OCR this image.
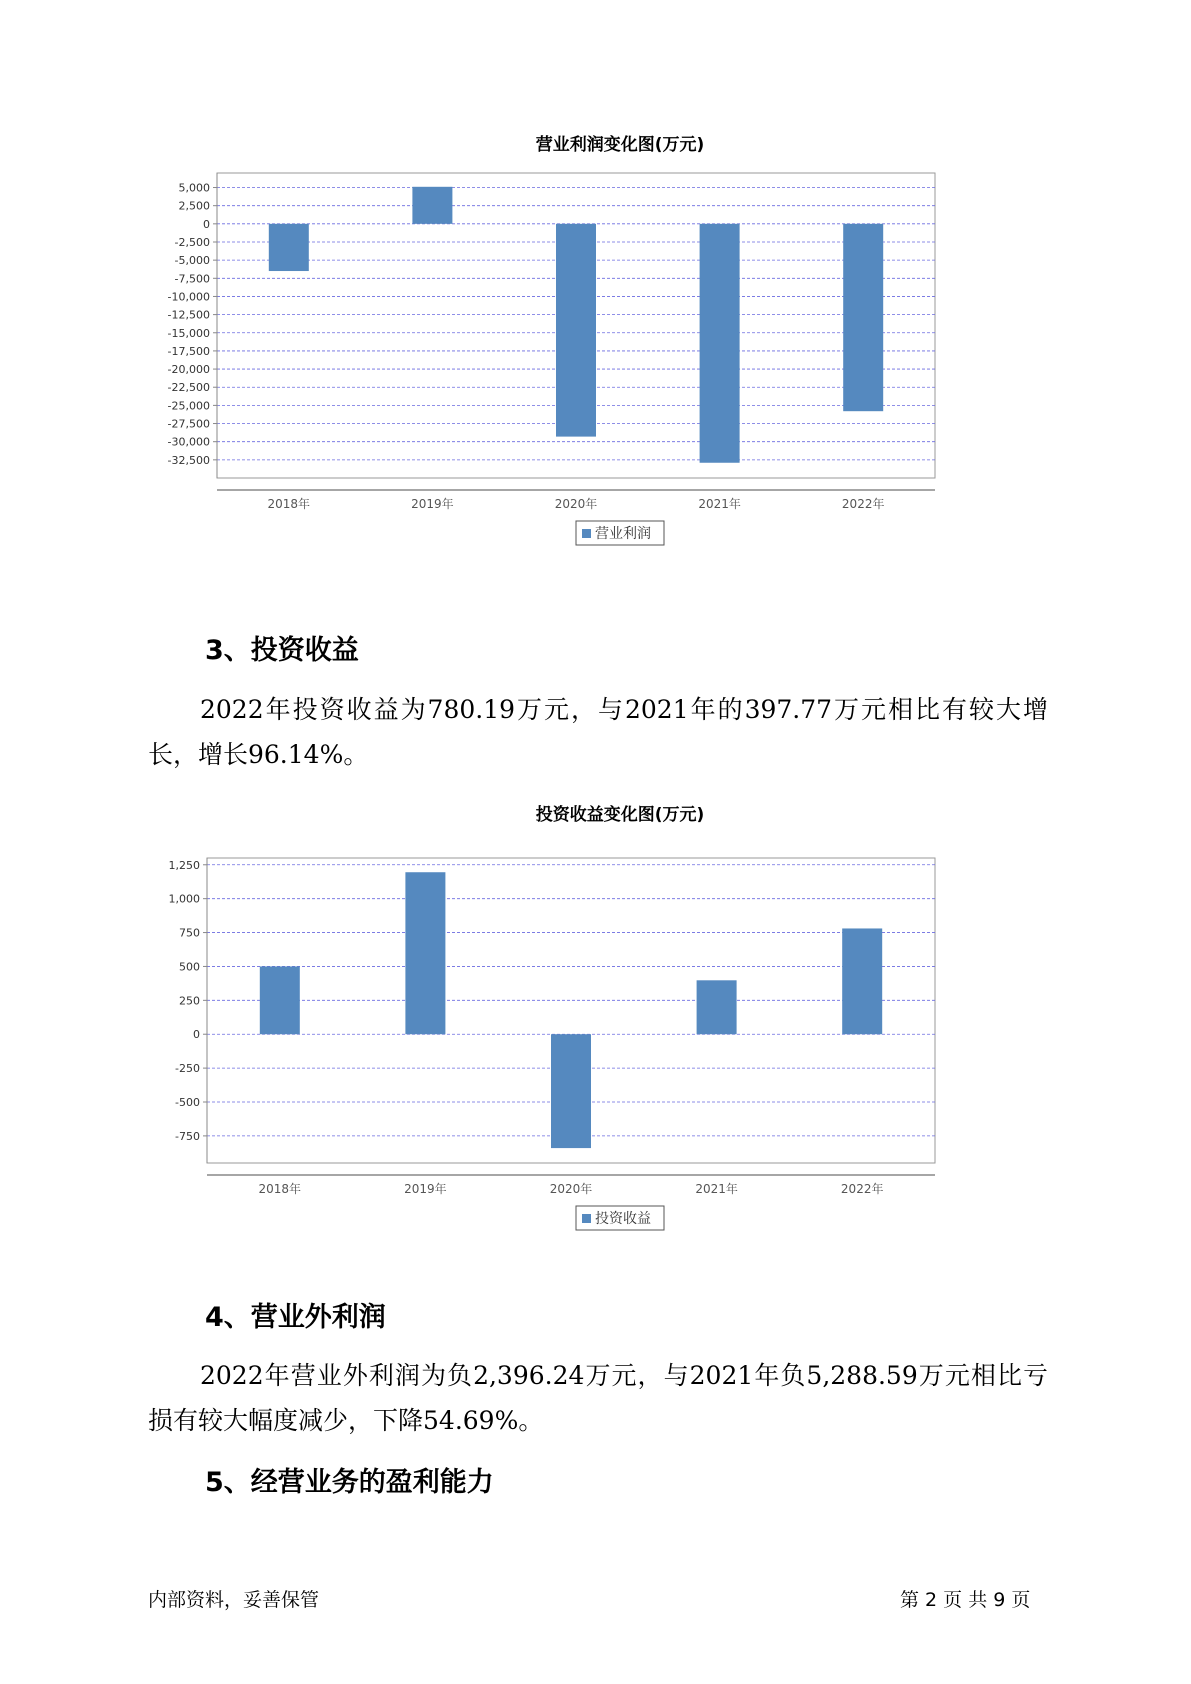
营业利润变化图(万元)
5,000
2,500
0
-2,500
-5,000
-7,500
-10,000
-12,500
-15,000
-17,500
-20,000
-22,500
-25,000
-27,500
-30,000
-32,500
2018年	2019年	2020年	2021年	2022年
营业利润
3、投资收益

2022年投资收益为780.19万元，与2021年的397.77万元相比有较大增长，增长96.14%。

投资收益变化图(万元)
1,250
1,000
750
500
250
0
-250
-500
-750
2018年	2019年	2020年	2021年	2022年
投资收益
4、营业外利润

2022年营业外利润为负2,396.24万元，与2021年负5,288.59万元相比亏损有较大幅度减少，下降54.69%。

5、经营业务的盈利能力
内部资料，妥善保管	第 2 页 共 9 页
